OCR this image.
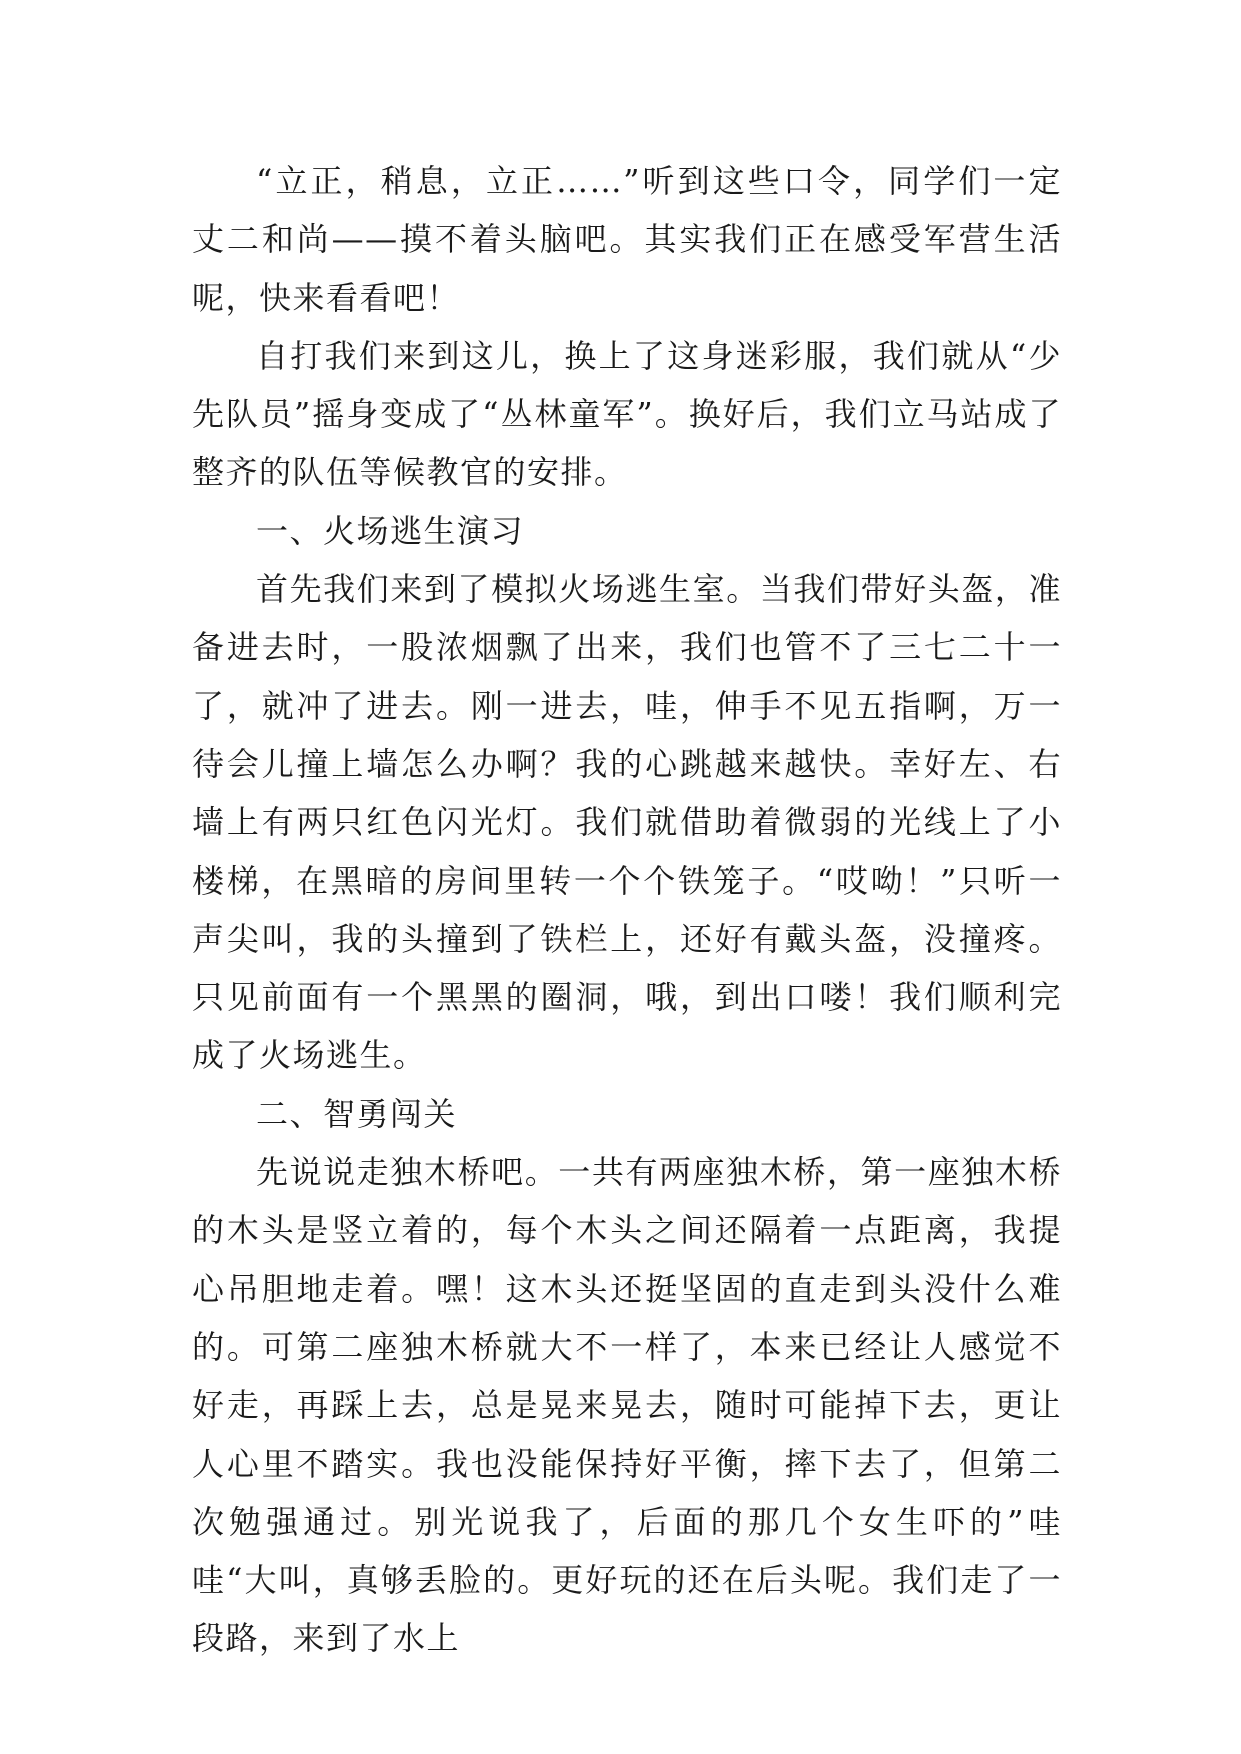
“立正，稍息，立正……”听到这些口令，同学们一定丈二和尚——摸不着头脑吧。其实我们正在感受军营生活呢，快来看看吧！

自打我们来到这儿，换上了这身迷彩服，我们就从“少先队员”摇身变成了“丛林童军”。换好后，我们立马站成了整齐的队伍等候教官的安排。

一、火场逃生演习

首先我们来到了模拟火场逃生室。当我们带好头盔，准备进去时，一股浓烟飘了出来，我们也管不了三七二十一了，就冲了进去。刚一进去，哇，伸手不见五指啊，万一待会儿撞上墙怎么办啊？我的心跳越来越快。幸好左、右墙上有两只红色闪光灯。我们就借助着微弱的光线上了小楼梯，在黑暗的房间里转一个个铁笼子。“哎呦！”只听一声尖叫，我的头撞到了铁栏上，还好有戴头盔，没撞疼。只见前面有一个黑黑的圈洞，哦，到出口喽！我们顺利完成了火场逃生。

二、智勇闯关

先说说走独木桥吧。一共有两座独木桥，第一座独木桥的木头是竖立着的，每个木头之间还隔着一点距离，我提心吊胆地走着。嘿！这木头还挺坚固的直走到头没什么难的。可第二座独木桥就大不一样了，本来已经让人感觉不好走，再踩上去，总是晃来晃去，随时可能掉下去，更让人心里不踏实。我也没能保持好平衡，摔下去了，但第二次勉强通过。别光说我了，后面的那几个女生吓的”哇哇“大叫，真够丢脸的。更好玩的还在后头呢。我们走了一段路，来到了水上
